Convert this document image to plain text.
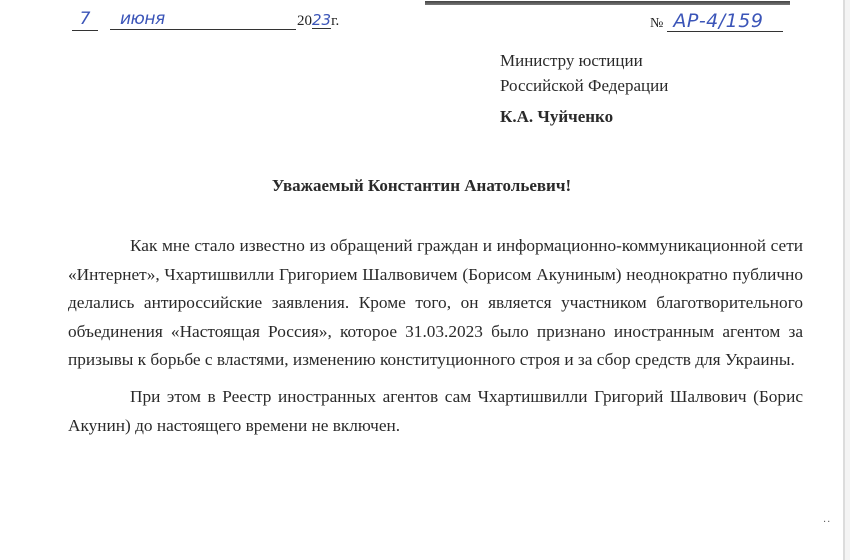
7	июня	2023г.	№ АР-4/159
Министру юстиции
Российской Федерации
К.А. Чуйченко
Уважаемый Константин Анатольевич!

Как мне стало известно из обращений граждан и информационно-коммуникационной сети «Интернет», Чхартишвилли Григорием Шалвовичем (Борисом Акуниным) неоднократно публично делались антироссийские заявления. Кроме того, он является участником благотворительного объединения «Настоящая Россия», которое 31.03.2023 было признано иностранным агентом за призывы к борьбе с властями, изменению конституционного строя и за сбор средств для Украины.

При этом в Реестр иностранных агентов сам Чхартишвилли Григорий Шалвович (Борис Акунин) до настоящего времени не включен.

··
